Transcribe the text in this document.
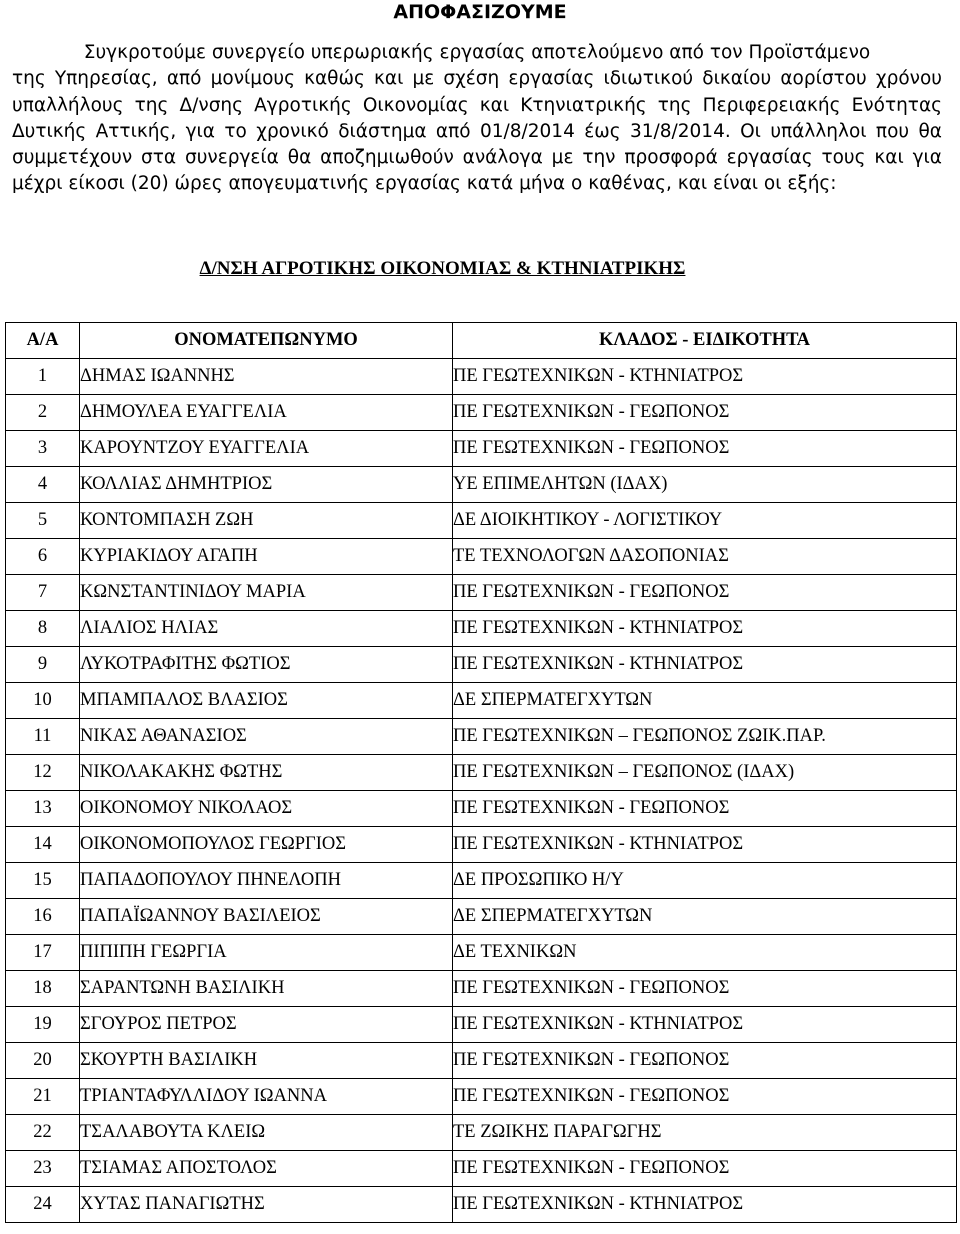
ΑΠΟΦΑΣΙΖΟΥΜΕ

Συγκροτούμε συνεργείο υπερωριακής εργασίας αποτελούμενο από τον Προϊστάμενο

της Υπηρεσίας, από μονίμους καθώς και με σχέση εργασίας ιδιωτικού δικαίου αορίστου χρόνου υπαλλήλους της Δ/νσης Αγροτικής Οικονομίας και Κτηνιατρικής της Περιφερειακής Ενότητας Δυτικής Αττικής, για το χρονικό διάστημα από 01/8/2014 έως 31/8/2014. Οι υπάλληλοι που θα συμμετέχουν στα συνεργεία θα αποζημιωθούν ανάλογα με την προσφορά εργασίας τους και για μέχρι είκοσι (20) ώρες απογευματινής εργασίας κατά μήνα ο καθένας, και είναι οι εξής:

Δ/ΝΣΗ ΑΓΡΟΤΙΚΗΣ ΟΙΚΟΝΟΜΙΑΣ & ΚΤΗΝΙΑΤΡΙΚΗΣ
Α/Α	ΟΝΟΜΑΤΕΠΩΝΥΜΟ	ΚΛΑΔΟΣ - ΕΙΔΙΚΟΤΗΤΑ
1	ΔΗΜΑΣ ΙΩΑΝΝΗΣ	ΠΕ ΓΕΩΤΕΧΝΙΚΩΝ - ΚΤΗΝΙΑΤΡΟΣ
2	ΔΗΜΟΥΛΕΑ ΕΥΑΓΓΕΛΙΑ	ΠΕ ΓΕΩΤΕΧΝΙΚΩΝ - ΓΕΩΠΟΝΟΣ
3	ΚΑΡΟΥΝΤΖΟΥ ΕΥΑΓΓΕΛΙΑ	ΠΕ ΓΕΩΤΕΧΝΙΚΩΝ - ΓΕΩΠΟΝΟΣ
4	ΚΟΛΛΙΑΣ ΔΗΜΗΤΡΙΟΣ	ΥΕ ΕΠΙΜΕΛΗΤΩΝ (ΙΔΑΧ)
5	ΚΟΝΤΟΜΠΑΣΗ ΖΩΗ	ΔΕ ΔΙΟΙΚΗΤΙΚΟΥ - ΛΟΓΙΣΤΙΚΟΥ
6	ΚΥΡΙΑΚΙΔΟΥ ΑΓΑΠΗ	ΤΕ ΤΕΧΝΟΛΟΓΩΝ ΔΑΣΟΠΟΝΙΑΣ
7	ΚΩΝΣΤΑΝΤΙΝΙΔΟΥ ΜΑΡΙΑ	ΠΕ ΓΕΩΤΕΧΝΙΚΩΝ - ΓΕΩΠΟΝΟΣ
8	ΛΙΑΛΙΟΣ ΗΛΙΑΣ	ΠΕ ΓΕΩΤΕΧΝΙΚΩΝ - ΚΤΗΝΙΑΤΡΟΣ
9	ΛΥΚΟΤΡΑΦΙΤΗΣ ΦΩΤΙΟΣ	ΠΕ ΓΕΩΤΕΧΝΙΚΩΝ - ΚΤΗΝΙΑΤΡΟΣ
10	ΜΠΑΜΠΑΛΟΣ ΒΛΑΣΙΟΣ	ΔΕ ΣΠΕΡΜΑΤΕΓΧΥΤΩΝ
11	ΝΙΚΑΣ ΑΘΑΝΑΣΙΟΣ	ΠΕ ΓΕΩΤΕΧΝΙΚΩΝ – ΓΕΩΠΟΝΟΣ ΖΩΙΚ.ΠΑΡ.
12	ΝΙΚΟΛΑΚΑΚΗΣ ΦΩΤΗΣ	ΠΕ ΓΕΩΤΕΧΝΙΚΩΝ – ΓΕΩΠΟΝΟΣ (ΙΔΑΧ)
13	ΟΙΚΟΝΟΜΟΥ ΝΙΚΟΛΑΟΣ	ΠΕ ΓΕΩΤΕΧΝΙΚΩΝ - ΓΕΩΠΟΝΟΣ
14	ΟΙΚΟΝΟΜΟΠΟΥΛΟΣ ΓΕΩΡΓΙΟΣ	ΠΕ ΓΕΩΤΕΧΝΙΚΩΝ - ΚΤΗΝΙΑΤΡΟΣ
15	ΠΑΠΑΔΟΠΟΥΛΟΥ ΠΗΝΕΛΟΠΗ	ΔΕ ΠΡΟΣΩΠΙΚΟ Η/Υ
16	ΠΑΠΑΪΩΑΝΝΟΥ ΒΑΣΙΛΕΙΟΣ	ΔΕ ΣΠΕΡΜΑΤΕΓΧΥΤΩΝ
17	ΠΙΠΙΠΗ ΓΕΩΡΓΙΑ	ΔΕ ΤΕΧΝΙΚΩΝ
18	ΣΑΡΑΝΤΩΝΗ ΒΑΣΙΛΙΚΗ	ΠΕ ΓΕΩΤΕΧΝΙΚΩΝ - ΓΕΩΠΟΝΟΣ
19	ΣΓΟΥΡΟΣ ΠΕΤΡΟΣ	ΠΕ ΓΕΩΤΕΧΝΙΚΩΝ - ΚΤΗΝΙΑΤΡΟΣ
20	ΣΚΟΥΡΤΗ ΒΑΣΙΛΙΚΗ	ΠΕ ΓΕΩΤΕΧΝΙΚΩΝ - ΓΕΩΠΟΝΟΣ
21	ΤΡΙΑΝΤΑΦΥΛΛΙΔΟΥ ΙΩΑΝΝΑ	ΠΕ ΓΕΩΤΕΧΝΙΚΩΝ - ΓΕΩΠΟΝΟΣ
22	ΤΣΑΛΑΒΟΥΤΑ ΚΛΕΙΩ	ΤΕ ΖΩΙΚΗΣ ΠΑΡΑΓΩΓΗΣ
23	ΤΣΙΑΜΑΣ ΑΠΟΣΤΟΛΟΣ	ΠΕ ΓΕΩΤΕΧΝΙΚΩΝ - ΓΕΩΠΟΝΟΣ
24	ΧΥΤΑΣ ΠΑΝΑΓΙΩΤΗΣ	ΠΕ ΓΕΩΤΕΧΝΙΚΩΝ - ΚΤΗΝΙΑΤΡΟΣ
